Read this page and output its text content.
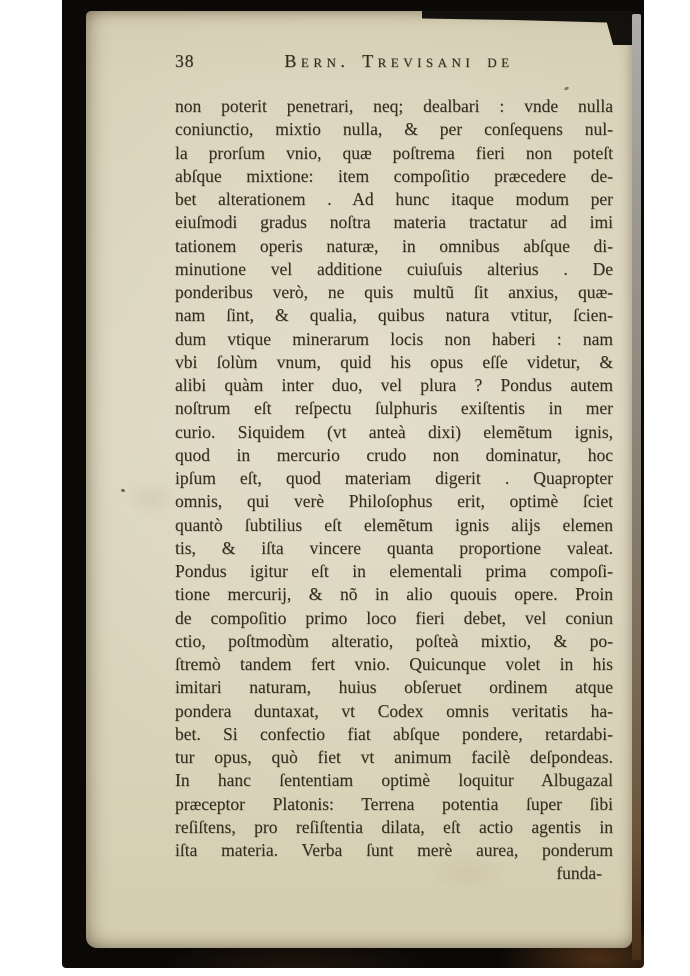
38	Bern. Trevisani de
non poterit penetrari, neq; dealbari : vnde nulla
coniunctio, mixtio nulla, & per conſequens nul-
la prorſum vnio, quæ poſtrema fieri non poteſt
abſque mixtione: item compoſitio præcedere de-
bet alterationem . Ad hunc itaque modum per
eiuſmodi gradus noſtra materia tractatur ad imi
tationem operis naturæ, in omnibus abſque di-
minutione vel additione cuiuſuis alterius . De
ponderibus verò, ne quis multũ ſit anxius, quæ-
nam ſint, & qualia, quibus natura vtitur, ſcien-
dum vtique minerarum locis non haberi : nam
vbi ſolùm vnum, quid his opus eſſe videtur, &
alibi quàm inter duo, vel plura ? Pondus autem
noſtrum eſt reſpectu ſulphuris exiſtentis in mer
curio. Siquidem (vt anteà dixi) elemẽtum ignis,
quod in mercurio crudo non dominatur, hoc
ipſum eſt, quod materiam digerit . Quapropter
omnis, qui verè Philoſophus erit, optimè ſciet
quantò ſubtilius eſt elemẽtum ignis alijs elemen
tis, & iſta vincere quanta proportione valeat.
Pondus igitur eſt in elementali prima compoſi-
tione mercurij, & nõ in alio quouis opere. Proin
de compoſitio primo loco fieri debet, vel coniun
ctio, poſtmodùm alteratio, poſteà mixtio, & po-
ſtremò tandem fert vnio. Quicunque volet in his
imitari naturam, huius obſeruet ordinem atque
pondera duntaxat, vt Codex omnis veritatis ha-
bet. Si confectio fiat abſque pondere, retardabi-
tur opus, quò fiet vt animum facilè deſpondeas.
In hanc ſententiam optimè loquitur Albugazal
præceptor Platonis: Terrena potentia ſuper ſibi
reſiſtens, pro reſiſtentia dilata, eſt actio agentis in
iſta materia. Verba ſunt merè aurea, ponderum
funda-
